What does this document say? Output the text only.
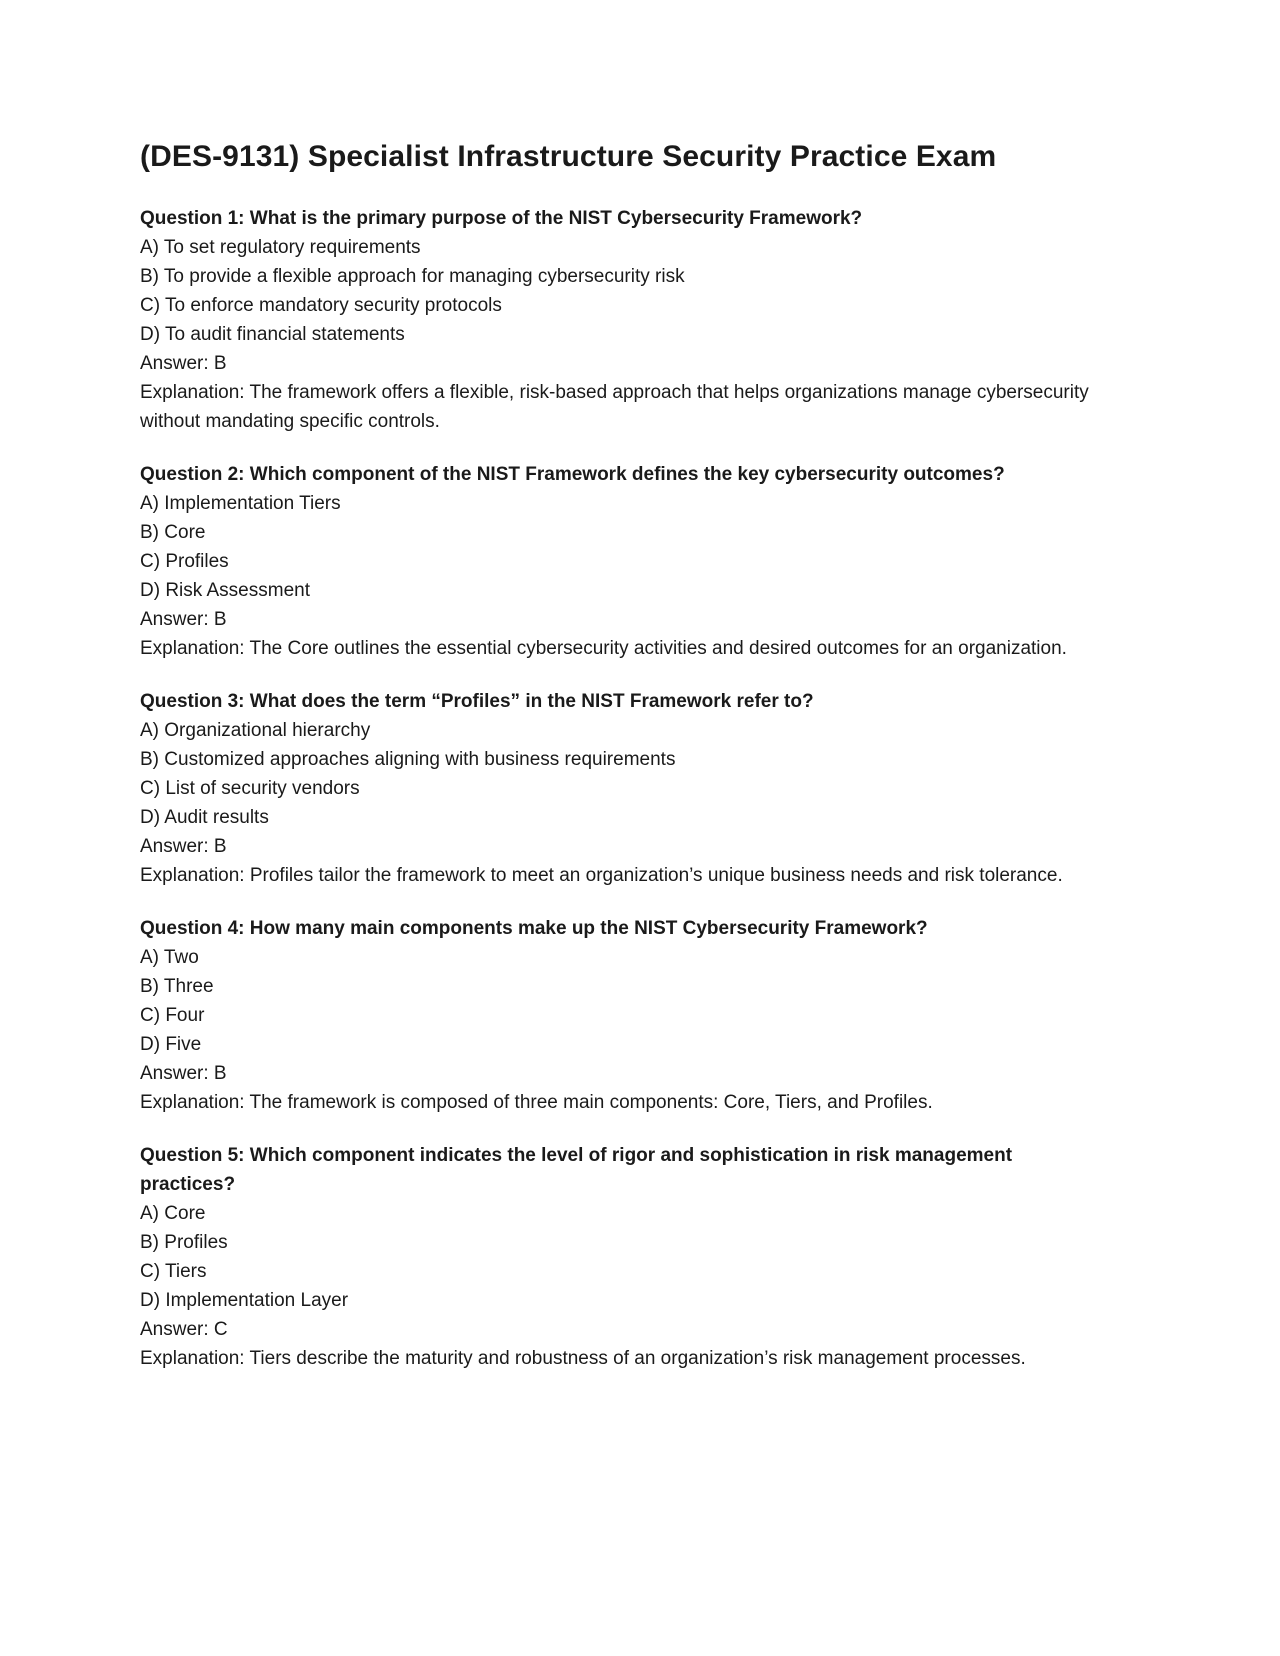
(DES-9131) Specialist Infrastructure Security Practice Exam

Question 1: What is the primary purpose of the NIST Cybersecurity Framework?

A) To set regulatory requirements

B) To provide a flexible approach for managing cybersecurity risk

C) To enforce mandatory security protocols

D) To audit financial statements

Answer: B

Explanation: The framework offers a flexible, risk-based approach that helps organizations manage cybersecurity without mandating specific controls.

Question 2: Which component of the NIST Framework defines the key cybersecurity outcomes?

A) Implementation Tiers

B) Core

C) Profiles

D) Risk Assessment

Answer: B

Explanation: The Core outlines the essential cybersecurity activities and desired outcomes for an organization.

Question 3: What does the term “Profiles” in the NIST Framework refer to?

A) Organizational hierarchy

B) Customized approaches aligning with business requirements

C) List of security vendors

D) Audit results

Answer: B

Explanation: Profiles tailor the framework to meet an organization’s unique business needs and risk tolerance.

Question 4: How many main components make up the NIST Cybersecurity Framework?

A) Two

B) Three

C) Four

D) Five

Answer: B

Explanation: The framework is composed of three main components: Core, Tiers, and Profiles.

Question 5: Which component indicates the level of rigor and sophistication in risk management practices?

A) Core

B) Profiles

C) Tiers

D) Implementation Layer

Answer: C

Explanation: Tiers describe the maturity and robustness of an organization’s risk management processes.
